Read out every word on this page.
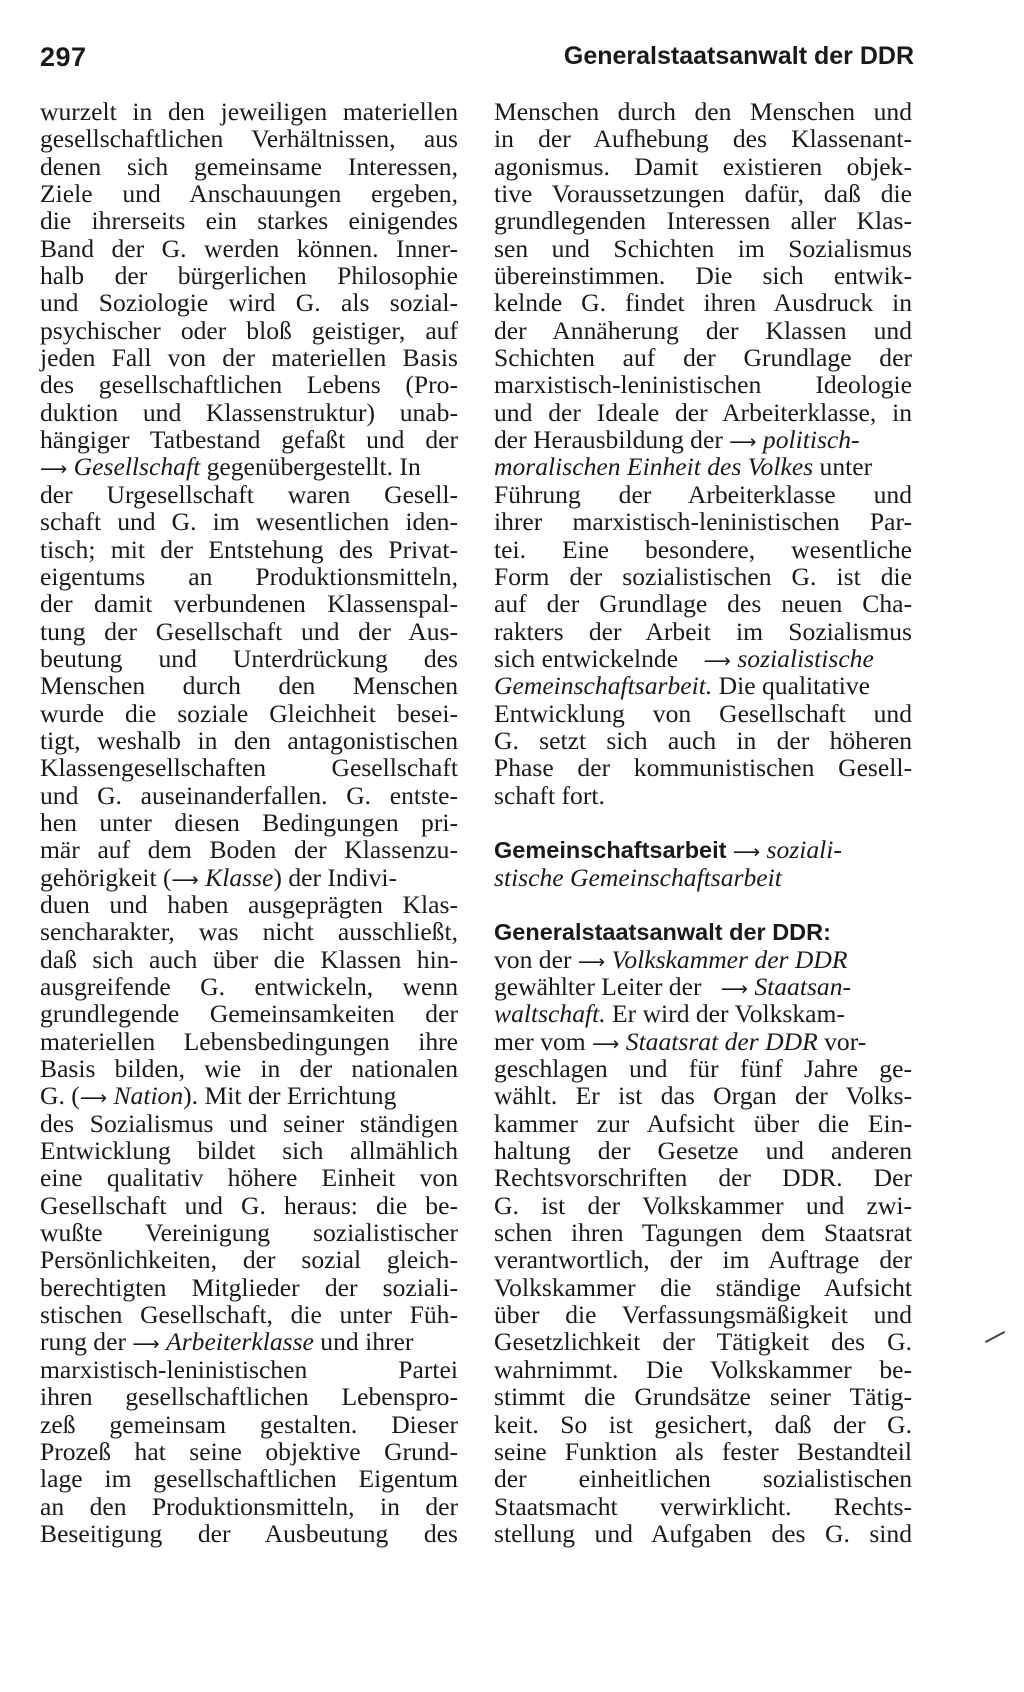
297	Generalstaatsanwalt der DDR
wurzelt in den jeweiligen materiellen
gesellschaftlichen Verhältnissen, aus
denen sich gemeinsame Interessen,
Ziele und Anschauungen ergeben,
die ihrerseits ein starkes einigendes
Band der G. werden können. Inner-
halb der bürgerlichen Philosophie
und Soziologie wird G. als sozial-
psychischer oder bloß geistiger, auf
jeden Fall von der materiellen Basis
des gesellschaftlichen Lebens (Pro-
duktion und Klassenstruktur) unab-
hängiger Tatbestand gefaßt und der
⟶ Gesellschaft gegenübergestellt. In
der Urgesellschaft waren Gesell-
schaft und G. im wesentlichen iden-
tisch; mit der Entstehung des Privat-
eigentums an Produktionsmitteln,
der damit verbundenen Klassenspal-
tung der Gesellschaft und der Aus-
beutung und Unterdrückung des
Menschen durch den Menschen
wurde die soziale Gleichheit besei-
tigt, weshalb in den antagonistischen
Klassengesellschaften Gesellschaft
und G. auseinanderfallen. G. entste-
hen unter diesen Bedingungen pri-
mär auf dem Boden der Klassenzu-
gehörigkeit (⟶ Klasse) der Indivi-
duen und haben ausgeprägten Klas-
sencharakter, was nicht ausschließt,
daß sich auch über die Klassen hin-
ausgreifende G. entwickeln, wenn
grundlegende Gemeinsamkeiten der
materiellen Lebensbedingungen ihre
Basis bilden, wie in der nationalen
G. (⟶ Nation). Mit der Errichtung
des Sozialismus und seiner ständigen
Entwicklung bildet sich allmählich
eine qualitativ höhere Einheit von
Gesellschaft und G. heraus: die be-
wußte Vereinigung sozialistischer
Persönlichkeiten, der sozial gleich-
berechtigten Mitglieder der soziali-
stischen Gesellschaft, die unter Füh-
rung der ⟶ Arbeiterklasse und ihrer
marxistisch-leninistischen Partei
ihren gesellschaftlichen Lebenspro-
zeß gemeinsam gestalten. Dieser
Prozeß hat seine objektive Grund-
lage im gesellschaftlichen Eigentum
an den Produktionsmitteln, in der
Beseitigung der Ausbeutung des
Menschen durch den Menschen und
in der Aufhebung des Klassenant-
agonismus. Damit existieren objek-
tive Voraussetzungen dafür, daß die
grundlegenden Interessen aller Klas-
sen und Schichten im Sozialismus
übereinstimmen. Die sich entwik-
kelnde G. findet ihren Ausdruck in
der Annäherung der Klassen und
Schichten auf der Grundlage der
marxistisch-leninistischen Ideologie
und der Ideale der Arbeiterklasse, in
der Herausbildung der ⟶ politisch-
moralischen Einheit des Volkes unter
Führung der Arbeiterklasse und
ihrer marxistisch-leninistischen Par-
tei. Eine besondere, wesentliche
Form der sozialistischen G. ist die
auf der Grundlage des neuen Cha-
rakters der Arbeit im Sozialismus
sich entwickelnde ⟶ sozialistische
Gemeinschaftsarbeit. Die qualitative
Entwicklung von Gesellschaft und
G. setzt sich auch in der höheren
Phase der kommunistischen Gesell-
schaft fort.
Gemeinschaftsarbeit ⟶ soziali-
stische Gemeinschaftsarbeit
Generalstaatsanwalt der DDR:
von der ⟶ Volkskammer der DDR
gewählter Leiter der ⟶ Staatsan-
waltschaft. Er wird der Volkskam-
mer vom ⟶ Staatsrat der DDR vor-
geschlagen und für fünf Jahre ge-
wählt. Er ist das Organ der Volks-
kammer zur Aufsicht über die Ein-
haltung der Gesetze und anderen
Rechtsvorschriften der DDR. Der
G. ist der Volkskammer und zwi-
schen ihren Tagungen dem Staatsrat
verantwortlich, der im Auftrage der
Volkskammer die ständige Aufsicht
über die Verfassungsmäßigkeit und
Gesetzlichkeit der Tätigkeit des G.
wahrnimmt. Die Volkskammer be-
stimmt die Grundsätze seiner Tätig-
keit. So ist gesichert, daß der G.
seine Funktion als fester Bestandteil
der einheitlichen sozialistischen
Staatsmacht verwirklicht. Rechts-
stellung und Aufgaben des G. sind
